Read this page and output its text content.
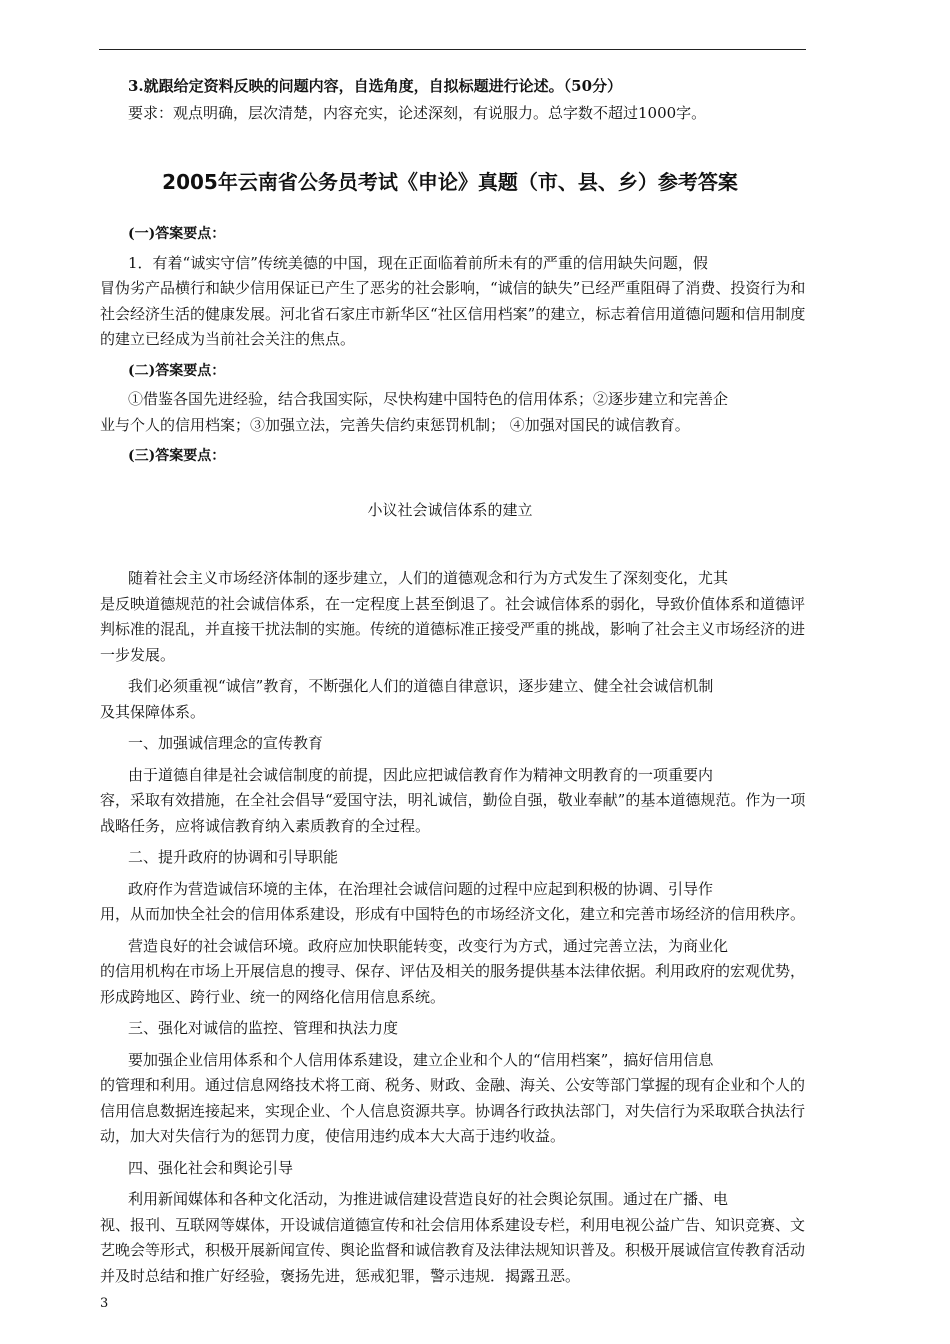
3.就跟给定资料反映的问题内容，自选角度，自拟标题进行论述。（50分）

要求：观点明确，层次清楚，内容充实，论述深刻，有说服力。总字数不超过1000字。

2005年云南省公务员考试《申论》真题（市、县、乡）参考答案

(一)答案要点：

1．有着“诚实守信”传统美德的中国，现在正面临着前所未有的严重的信用缺失问题，假

冒伪劣产品横行和缺少信用保证已产生了恶劣的社会影响，“诚信的缺失”已经严重阻碍了消费、投资行为和社会经济生活的健康发展。河北省石家庄市新华区“社区信用档案”的建立，标志着信用道德问题和信用制度的建立已经成为当前社会关注的焦点。

(二)答案要点：

①借鉴各国先进经验，结合我国实际，尽快构建中国特色的信用体系；②逐步建立和完善企

业与个人的信用档案；③加强立法，完善失信约束惩罚机制； ④加强对国民的诚信教育。

(三)答案要点：

小议社会诚信体系的建立

随着社会主义市场经济体制的逐步建立，人们的道德观念和行为方式发生了深刻变化，尤其

是反映道德规范的社会诚信体系，在一定程度上甚至倒退了。社会诚信体系的弱化，导致价值体系和道德评判标准的混乱，并直接干扰法制的实施。传统的道德标准正接受严重的挑战，影响了社会主义市场经济的进一步发展。

我们必须重视“诚信”教育，不断强化人们的道德自律意识，逐步建立、健全社会诚信机制

及其保障体系。

一、加强诚信理念的宣传教育

由于道德自律是社会诚信制度的前提，因此应把诚信教育作为精神文明教育的一项重要内

容，采取有效措施，在全社会倡导“爱国守法，明礼诚信，勤俭自强，敬业奉献”的基本道德规范。作为一项战略任务，应将诚信教育纳入素质教育的全过程。

二、提升政府的协调和引导职能

政府作为营造诚信环境的主体，在治理社会诚信问题的过程中应起到积极的协调、引导作

用，从而加快全社会的信用体系建设，形成有中国特色的市场经济文化，建立和完善市场经济的信用秩序。

营造良好的社会诚信环境。政府应加快职能转变，改变行为方式，通过完善立法，为商业化

的信用机构在市场上开展信息的搜寻、保存、评估及相关的服务提供基本法律依据。利用政府的宏观优势，形成跨地区、跨行业、统一的网络化信用信息系统。

三、强化对诚信的监控、管理和执法力度

要加强企业信用体系和个人信用体系建设，建立企业和个人的“信用档案”，搞好信用信息

的管理和利用。通过信息网络技术将工商、税务、财政、金融、海关、公安等部门掌握的现有企业和个人的信用信息数据连接起来，实现企业、个人信息资源共享。协调各行政执法部门，对失信行为采取联合执法行动，加大对失信行为的惩罚力度，使信用违约成本大大高于违约收益。

四、强化社会和舆论引导

利用新闻媒体和各种文化活动，为推进诚信建设营造良好的社会舆论氛围。通过在广播、电

视、报刊、互联网等媒体，开设诚信道德宣传和社会信用体系建设专栏，利用电视公益广告、知识竞赛、文艺晚会等形式，积极开展新闻宣传、舆论监督和诚信教育及法律法规知识普及。积极开展诚信宣传教育活动并及时总结和推广好经验，褒扬先进，惩戒犯罪，警示违规．揭露丑恶。

3
